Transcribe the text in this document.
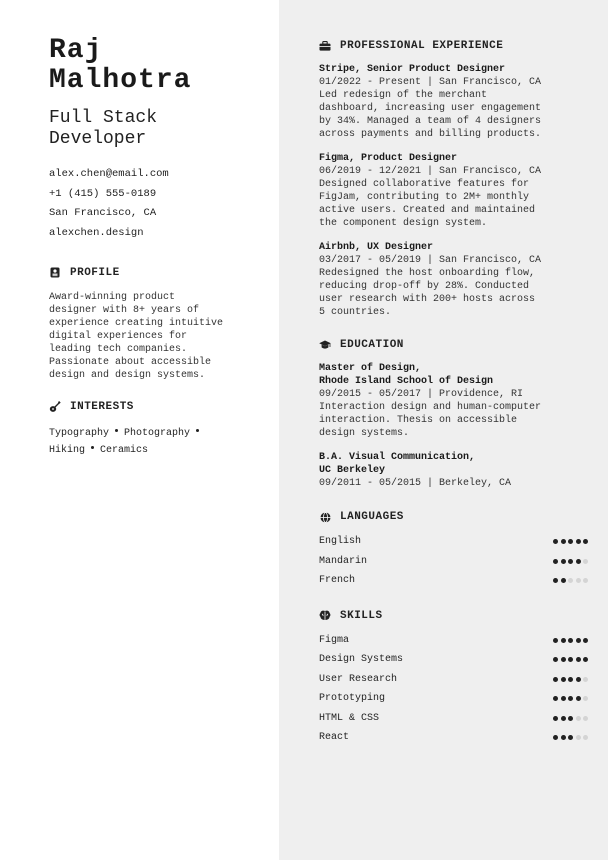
Raj
Malhotra
Full Stack
Developer
alex.chen@email.com
+1 (415) 555-0189
San Francisco, CA
alexchen.design
PROFILE
Award-winning product
designer with 8+ years of
experience creating intuitive
digital experiences for
leading tech companies.
Passionate about accessible
design and design systems.
INTERESTS
Typography Photography
Hiking Ceramics
PROFESSIONAL EXPERIENCE
Stripe, Senior Product Designer
01/2022 - Present | San Francisco, CA
Led redesign of the merchant
dashboard, increasing user engagement
by 34%. Managed a team of 4 designers
across payments and billing products.
Figma, Product Designer
06/2019 - 12/2021 | San Francisco, CA
Designed collaborative features for
FigJam, contributing to 2M+ monthly
active users. Created and maintained
the component design system.
Airbnb, UX Designer
03/2017 - 05/2019 | San Francisco, CA
Redesigned the host onboarding flow,
reducing drop-off by 28%. Conducted
user research with 200+ hosts across
5 countries.
EDUCATION
Master of Design,
Rhode Island School of Design
09/2015 - 05/2017 | Providence, RI
Interaction design and human-computer
interaction. Thesis on accessible
design systems.
B.A. Visual Communication,
UC Berkeley
09/2011 - 05/2015 | Berkeley, CA
LANGUAGES
English
Mandarin
French
SKILLS
Figma
Design Systems
User Research
Prototyping
HTML & CSS
React
